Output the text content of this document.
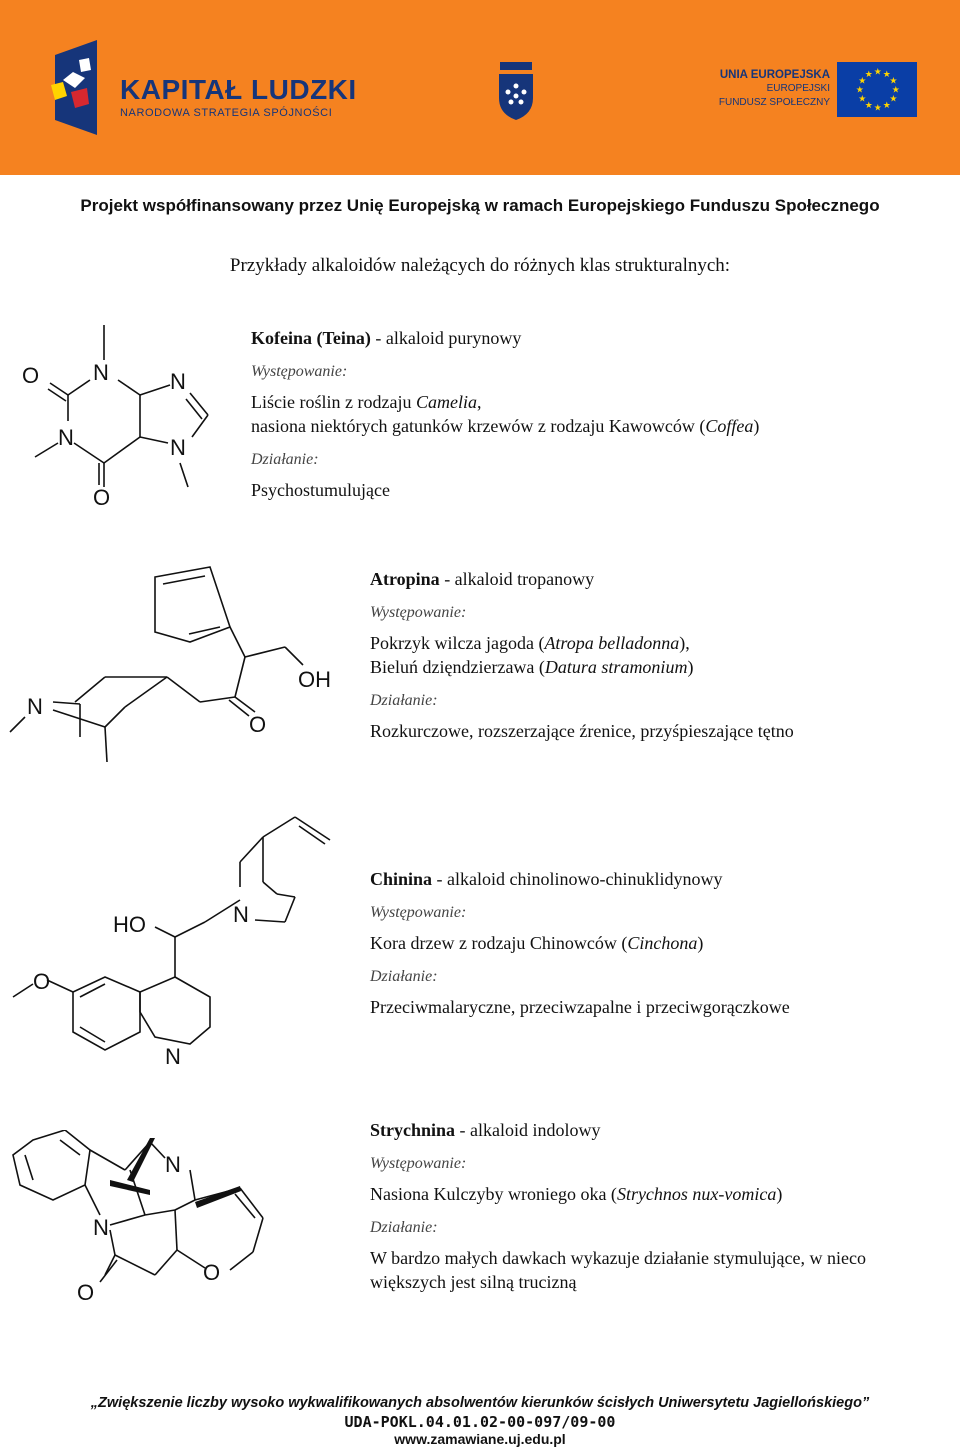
KAPITAŁ LUDZKI
NARODOWA STRATEGIA SPÓJNOŚCI
UNIA EUROPEJSKA
EUROPEJSKI
FUNDUSZ SPOŁECZNY
★
★
★
★
★
★
★
★
★ ★ ★
★
Projekt współfinansowany przez Unię Europejską w ramach Europejskiego Funduszu Społecznego
Przykłady alkaloidów należących do różnych klas strukturalnych:
O N	N
N	N
O
Kofeina (Teina) - alkaloid purynowy
Występowanie:
Liście roślin z rodzaju Camelia,
nasiona niektórych gatunków krzewów z rodzaju Kawowców (Coffea)
Działanie:
Psychostumulujące
N
OH
O
Atropina - alkaloid tropanowy
Występowanie:
Pokrzyk wilcza jagoda (Atropa belladonna),
Bieluń dzięndzierzawa (Datura stramonium)
Działanie:
Rozkurczowe, rozszerzające źrenice, przyśpieszające tętno
HO	N
O
N
Chinina - alkaloid chinolinowo-chinuklidynowy
Występowanie:
Kora drzew z rodzaju Chinowców (Cinchona)
Działanie:
Przeciwmalaryczne, przeciwzapalne i przeciwgorączkowe
N
N
O
O
Strychnina - alkaloid indolowy
Występowanie:
Nasiona Kulczyby wroniego oka (Strychnos nux-vomica)
Działanie:
W bardzo małych dawkach wykazuje działanie stymulujące, w nieco
większych jest silną trucizną
„Zwiększenie liczby wysoko wykwalifikowanych absolwentów kierunków ścisłych Uniwersytetu Jagiellońskiego”
UDA-POKL.04.01.02-00-097/09-00
www.zamawiane.uj.edu.pl
